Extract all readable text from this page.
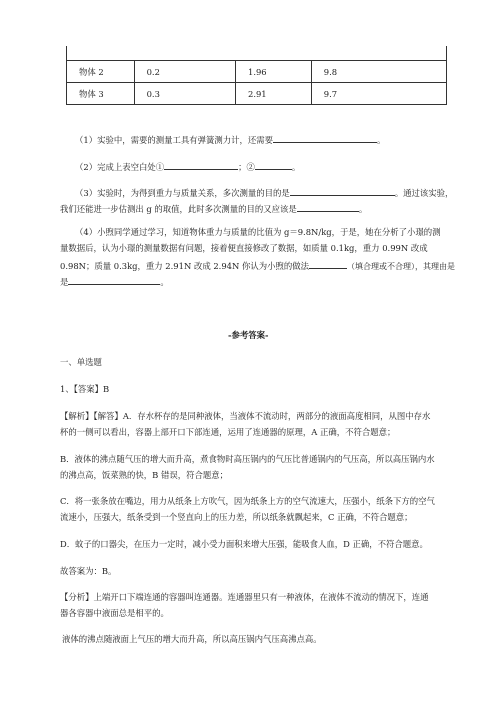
物体 2	0.2	1.96	9.8
物体 3	0.3	2.91	9.7
（1）实验中，需要的测量工具有弹簧测力计，还需要	。
（2）完成上表空白处①	；②	。
（3）实验时，为得到重力与质量关系，多次测量的目的是	。通过该实验，
我们还能进一步估测出 g 的取值，此时多次测量的目的又应该是	。
（4）小煦同学通过学习，知道物体重力与质量的比值为 g＝9.8N/kg，于是，她在分析了小璟的测
量数据后，认为小璟的测量数据有问题，接着便直接修改了数据，如质量 0.1kg，重力 0.99N 改成
0.98N；质量 0.3kg，重力 2.91N 改成 2.94N 你认为小煦的做法	（填合理或不合理），其理由是
是	。
-参考答案-
一、单选题
1、【答案】B
【解析】【解答】A．存水杯存的是同种液体，当液体不流动时，两部分的液面高度相同，从图中存水
杯的一侧可以看出，容器上部开口下部连通，运用了连通器的原理，A 正确，不符合题意；
B．液体的沸点随气压的增大而升高，煮食物时高压锅内的气压比普通锅内的气压高，所以高压锅内水
的沸点高，饭菜熟的快，B 错误，符合题意；
C．将一张条放在嘴边，用力从纸条上方吹气，因为纸条上方的空气流速大，压强小，纸条下方的空气
流速小，压强大，纸条受到一个竖直向上的压力差，所以纸条就飘起来，C 正确，不符合题意；
D．蚊子的口器尖，在压力一定时，减小受力面积来增大压强，能吸食人血，D 正确，不符合题意。
故答案为：B。
【分析】上端开口下端连通的容器叫连通器。连通器里只有一种液体，在液体不流动的情况下，连通
器各容器中液面总是相平的。
液体的沸点随液面上气压的增大而升高，所以高压锅内气压高沸点高。
